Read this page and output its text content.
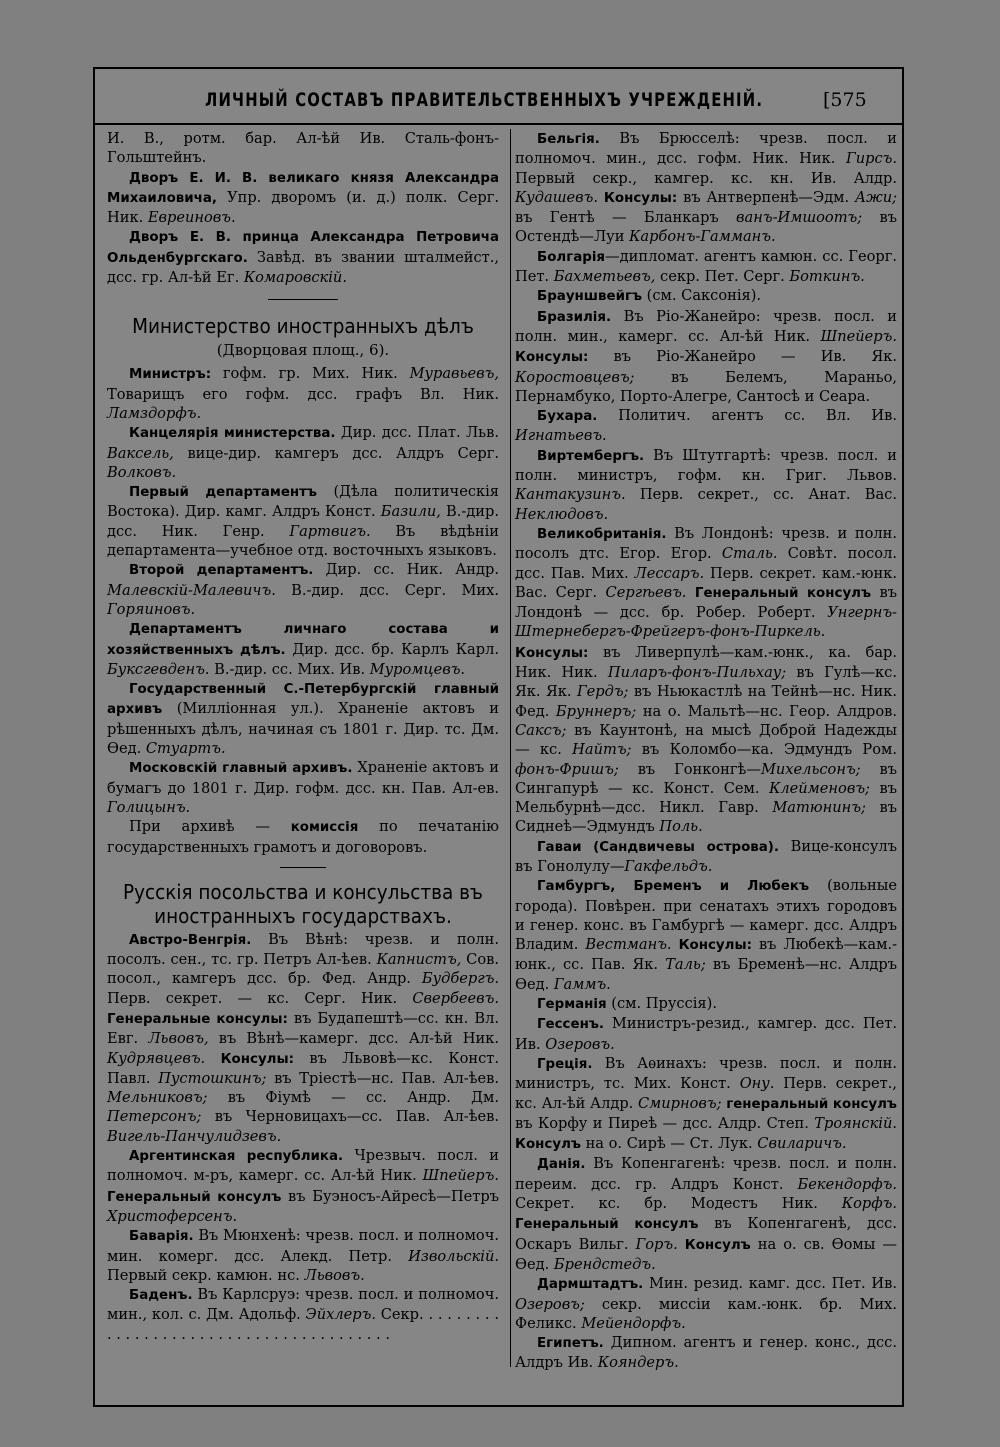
ЛИЧНЫЙ СОСТАВЪ ПРАВИТЕЛЬСТВЕННЫХЪ УЧРЕЖДЕНІЙ.	[575

И. В., ротм. бар. Ал-ѣй Ив. Сталь-фонъ-Гольштейнъ.

Дворъ Е. И. В. великаго князя Александра Михаиловича, Упр. дворомъ (и. д.) полк. Серг. Ник. Евреиновъ.

Дворъ Е. В. принца Александра Петровича Ольденбургскаго. Завѣд. въ звании шталмейст., дсс. гр. Ал-ѣй Ег. Комаровскій.

Министерство иностранныхъ дѣлъ
(Дворцовая площ., 6).

Министръ: гофм. гр. Мих. Ник. Муравьевъ, Товарищъ его гофм. дсс. графъ Вл. Ник. Ламздорфъ.

Канцелярія министерства. Дир. дсс. Плат. Льв. Ваксель, вице-дир. камгеръ дсс. Алдръ Серг. Волковъ.

Первый департаментъ (Дѣла политическія Востока). Дир. камг. Алдръ Конст. Базили, В.-дир. дсс. Ник. Генр. Гартвигъ. Въ вѣдѣніи департамента—учебное отд. восточныхъ языковъ.

Второй департаментъ. Дир. сс. Ник. Андр. Малевскій-Малевичъ. В.-дир. дсс. Серг. Мих. Горяиновъ.

Департаментъ личнаго состава и хозяйственныхъ дѣлъ. Дир. дсс. бр. Карлъ Карл. Буксгевденъ. В.-дир. сс. Мих. Ив. Муромцевъ.

Государственный С.-Петербургскій главный архивъ (Милліонная ул.). Храненіе актовъ и рѣшенныхъ дѣлъ, начиная съ 1801 г. Дир. тс. Дм. Ѳед. Стуартъ.

Московскій главный архивъ. Храненіе актовъ и бумагъ до 1801 г. Дир. гофм. дсс. кн. Пав. Ал-ев. Голицынъ.

При архивѣ — комиссія по печатанію государственныхъ грамотъ и договоровъ.

Русскія посольства и консульства въ иностранныхъ государствахъ.

Австро-Венгрія. Въ Вѣнѣ: чрезв. и полн. посолъ. сен., тс. гр. Петръ Ал-ѣев. Капнистъ, Сов. посол., камгеръ дсс. бр. Фед. Андр. Будбергъ. Перв. секрет. — кс. Серг. Ник. Свербеевъ. Генеральные консулы: въ Будапештѣ—сс. кн. Вл. Евг. Львовъ, въ Вѣнѣ—камерг. дсс. Ал-ѣй Ник. Кудрявцевъ. Консулы: въ Львовѣ—кс. Конст. Павл. Пустошкинъ; въ Тріестѣ—нс. Пав. Ал-ѣев. Мельниковъ; въ Фіумѣ — сс. Андр. Дм. Петерсонъ; въ Черновицахъ—сс. Пав. Ал-ѣев. Вигель-Панчулидзевъ.

Аргентинская республика. Чрезвыч. посл. и полномоч. м-ръ, камерг. сс. Ал-ѣй Ник. Шпейеръ. Генеральный консулъ въ Буэносъ-Айресѣ—Петръ Христоферсенъ.

Баварія. Въ Мюнхенѣ: чрезв. посл. и полномоч. мин. комерг. дсс. Алекд. Петр. Извольскій. Первый секр. камюн. нс. Львовъ.

Баденъ. Въ Карлсруэ: чрезв. посл. и полномоч. мин., кол. с. Дм. Адольф. Эйхлеръ. Секр. . . . . . . . . . . . . . . . . . . . . . . . . . . . . . . . . . . . . . . .

Бельгія. Въ Брюсселѣ: чрезв. посл. и полномоч. мин., дсс. гофм. Ник. Ник. Гирсъ. Первый секр., камгер. кс. кн. Ив. Алдр. Кудашевъ. Консулы: въ Антверпенѣ—Эдм. Ажи; въ Гентѣ — Бланкаръ ванъ-Имшоотъ; въ Остендѣ—Луи Карбонъ-Гамманъ.

Болгарія—дипломат. агентъ камюн. сс. Георг. Пет. Бахметьевъ, секр. Пет. Серг. Боткинъ.

Брауншвейгъ (см. Саксонія).

Бразилія. Въ Ріо-Жанейро: чрезв. посл. и полн. мин., камерг. сс. Ал-ѣй Ник. Шпейеръ. Консулы: въ Ріо-Жанейро — Ив. Як. Коростовцевъ; въ Белемъ, Мараньо, Пернамбуко, Порто-Алегре, Сантосѣ и Сеара.

Бухара. Политич. агентъ сс. Вл. Ив. Игнатьевъ.

Виртембергъ. Въ Штутгартѣ: чрезв. посл. и полн. министръ, гофм. кн. Григ. Львов. Кантакузинъ. Перв. секрет., сс. Анат. Вас. Неклюдовъ.

Великобританія. Въ Лондонѣ: чрезв. и полн. посолъ дтс. Егор. Егор. Сталь. Совѣт. посол. дсс. Пав. Мих. Лессаръ. Перв. секрет. кам.-юнк. Вас. Серг. Сергѣевъ. Генеральный консулъ въ Лондонѣ — дсс. бр. Робер. Роберт. Унгернъ-Штернебергъ-Фрейгеръ-фонъ-Пиркель. Консулы: въ Ливерпулѣ—кам.-юнк., ка. бар. Ник. Ник. Пиларъ-фонъ-Пильхау; въ Гулѣ—кс. Як. Як. Гердъ; въ Ньюкастлѣ на Тейнѣ—нс. Ник. Фед. Бруннеръ; на о. Мальтѣ—нс. Геор. Алдров. Саксъ; въ Каунтонѣ, на мысѣ Доброй Надежды — кс. Найтъ; въ Коломбо—ка. Эдмундъ Ром. фонъ-Фришъ; въ Гонконгѣ—Михельсонъ; въ Сингапурѣ — кс. Конст. Сем. Клейменовъ; въ Мельбурнѣ—дсс. Никл. Гавр. Матюнинъ; въ Сиднеѣ—Эдмундъ Поль.

Гаваи (Сандвичевы острова). Вице-консулъ въ Гонолулу—Гакфельдъ.

Гамбургъ, Бременъ и Любекъ (вольные города). Повѣрен. при сенатахъ этихъ городовъ и генер. конс. въ Гамбургѣ — камерг. дсс. Алдръ Владим. Вестманъ. Консулы: въ Любекѣ—кам.-юнк., сс. Пав. Як. Таль; въ Бременѣ—нс. Алдръ Ѳед. Гаммъ.

Германія (см. Пруссія).

Гессенъ. Министръ-резид., камгер. дсс. Пет. Ив. Озеровъ.

Греція. Въ Аѳинахъ: чрезв. посл. и полн. министръ, тс. Мих. Конст. Ону. Перв. секрет., кс. Ал-ѣй Алдр. Смирновъ; генеральный консулъ въ Корфу и Пиреѣ — дсс. Алдр. Степ. Троянскій. Консулъ на о. Сирѣ — Ст. Лук. Свиларичъ.

Данія. Въ Копенгагенѣ: чрезв. посл. и полн. переим. дсс. гр. Алдръ Конст. Бекендорфъ. Секрет. кс. бр. Модестъ Ник. Корфъ. Генеральный консулъ въ Копенгагенѣ, дсс. Оскаръ Вильг. Горъ. Консулъ на о. св. Ѳомы — Ѳед. Брендстедъ.

Дармштадтъ. Мин. резид. камг. дсс. Пет. Ив. Озеровъ; секр. миссіи кам.-юнк. бр. Мих. Феликс. Мейендорфъ.

Египетъ. Дипном. агентъ и генер. конс., дсс. Алдръ Ив. Кояндеръ.
